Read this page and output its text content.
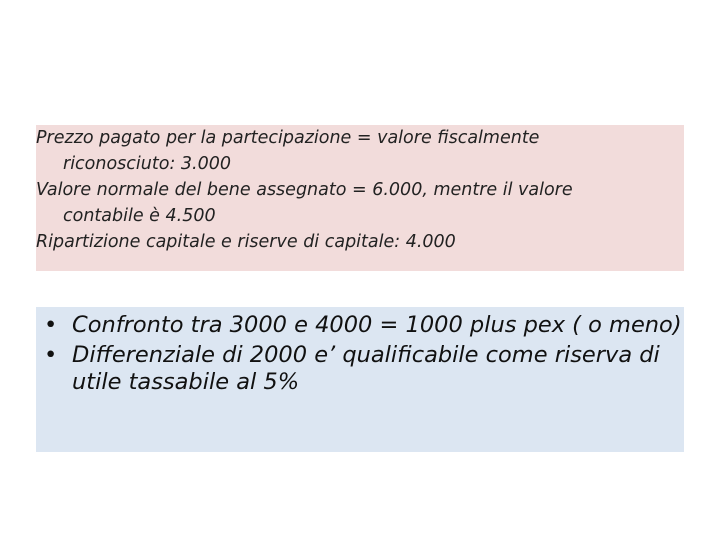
Prezzo pagato per la partecipazione = valore fiscalmente
riconosciuto: 3.000

Valore normale del bene assegnato = 6.000, mentre il valore
contabile è 4.500

Ripartizione capitale e riserve di capitale: 4.000

• Confronto tra 3000 e 4000 = 1000 plus pex ( o meno)
• Differenziale di 2000 e’ qualificabile come riserva di utile tassabile al 5%
